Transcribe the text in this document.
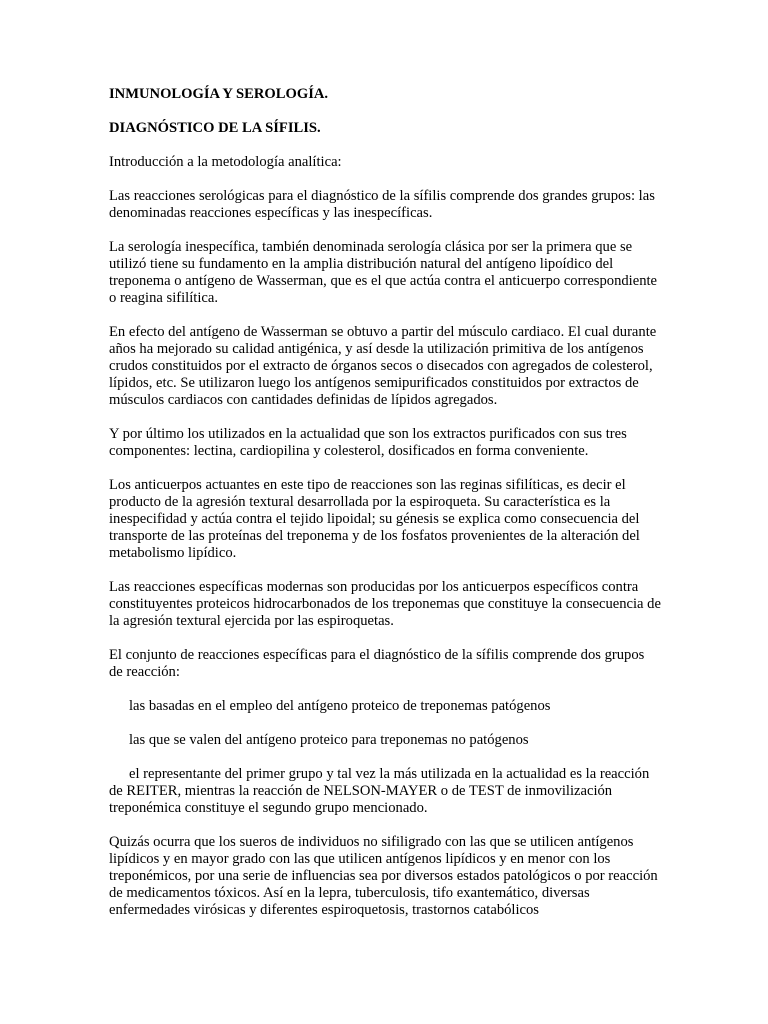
INMUNOLOGÍA Y SEROLOGÍA.

DIAGNÓSTICO DE LA SÍFILIS.

Introducción a la metodología analítica:

Las reacciones serológicas para el diagnóstico de la sífilis comprende dos grandes grupos: las denominadas reacciones específicas y las inespecíficas.

La serología inespecífica, también denominada serología clásica por ser la primera que se utilizó tiene su fundamento en la amplia distribución natural del antígeno lipoídico del treponema o antígeno de Wasserman, que es el que actúa contra el anticuerpo correspondiente o reagina sifilítica.

En efecto del antígeno de Wasserman se obtuvo a partir del músculo cardiaco. El cual durante años ha mejorado su calidad antigénica, y así desde la utilización primitiva de los antígenos crudos constituidos por el extracto de órganos secos o disecados con agregados de colesterol, lípidos, etc. Se utilizaron luego los antígenos semipurificados constituidos por extractos de músculos cardiacos con cantidades definidas de lípidos agregados.

Y por último los utilizados en la actualidad que son los extractos purificados con sus tres componentes: lectina, cardiopilina y colesterol, dosificados en forma conveniente.

Los anticuerpos actuantes en este tipo de reacciones son las reginas sifilíticas, es decir el producto de la agresión textural desarrollada por la espiroqueta. Su característica es la inespecifidad y actúa contra el tejido lipoidal; su génesis se explica como consecuencia del transporte de las proteínas del treponema y de los fosfatos provenientes de la alteración del metabolismo lipídico.

Las reacciones específicas modernas son producidas por los anticuerpos específicos contra constituyentes proteicos hidrocarbonados de los treponemas que constituye la consecuencia de la agresión textural ejercida por las espiroquetas.

El conjunto de reacciones específicas para el diagnóstico de la sífilis comprende dos grupos de reacción:

las basadas en el empleo del antígeno proteico de treponemas patógenos

las que se valen del antígeno proteico para treponemas no patógenos

el representante del primer grupo y tal vez la más utilizada en la actualidad es la reacción de REITER, mientras la reacción de NELSON-MAYER o de TEST de inmovilización treponémica constituye el segundo grupo mencionado.

Quizás ocurra que los sueros de individuos no sifiligrado con las que se utilicen antígenos lipídicos y en mayor grado con las que utilicen antígenos lipídicos y en menor con los treponémicos, por una serie de influencias sea por diversos estados patológicos o por reacción de medicamentos tóxicos. Así en la lepra, tuberculosis, tifo exantemático, diversas enfermedades virósicas y diferentes espiroquetosis, trastornos catabólicos
